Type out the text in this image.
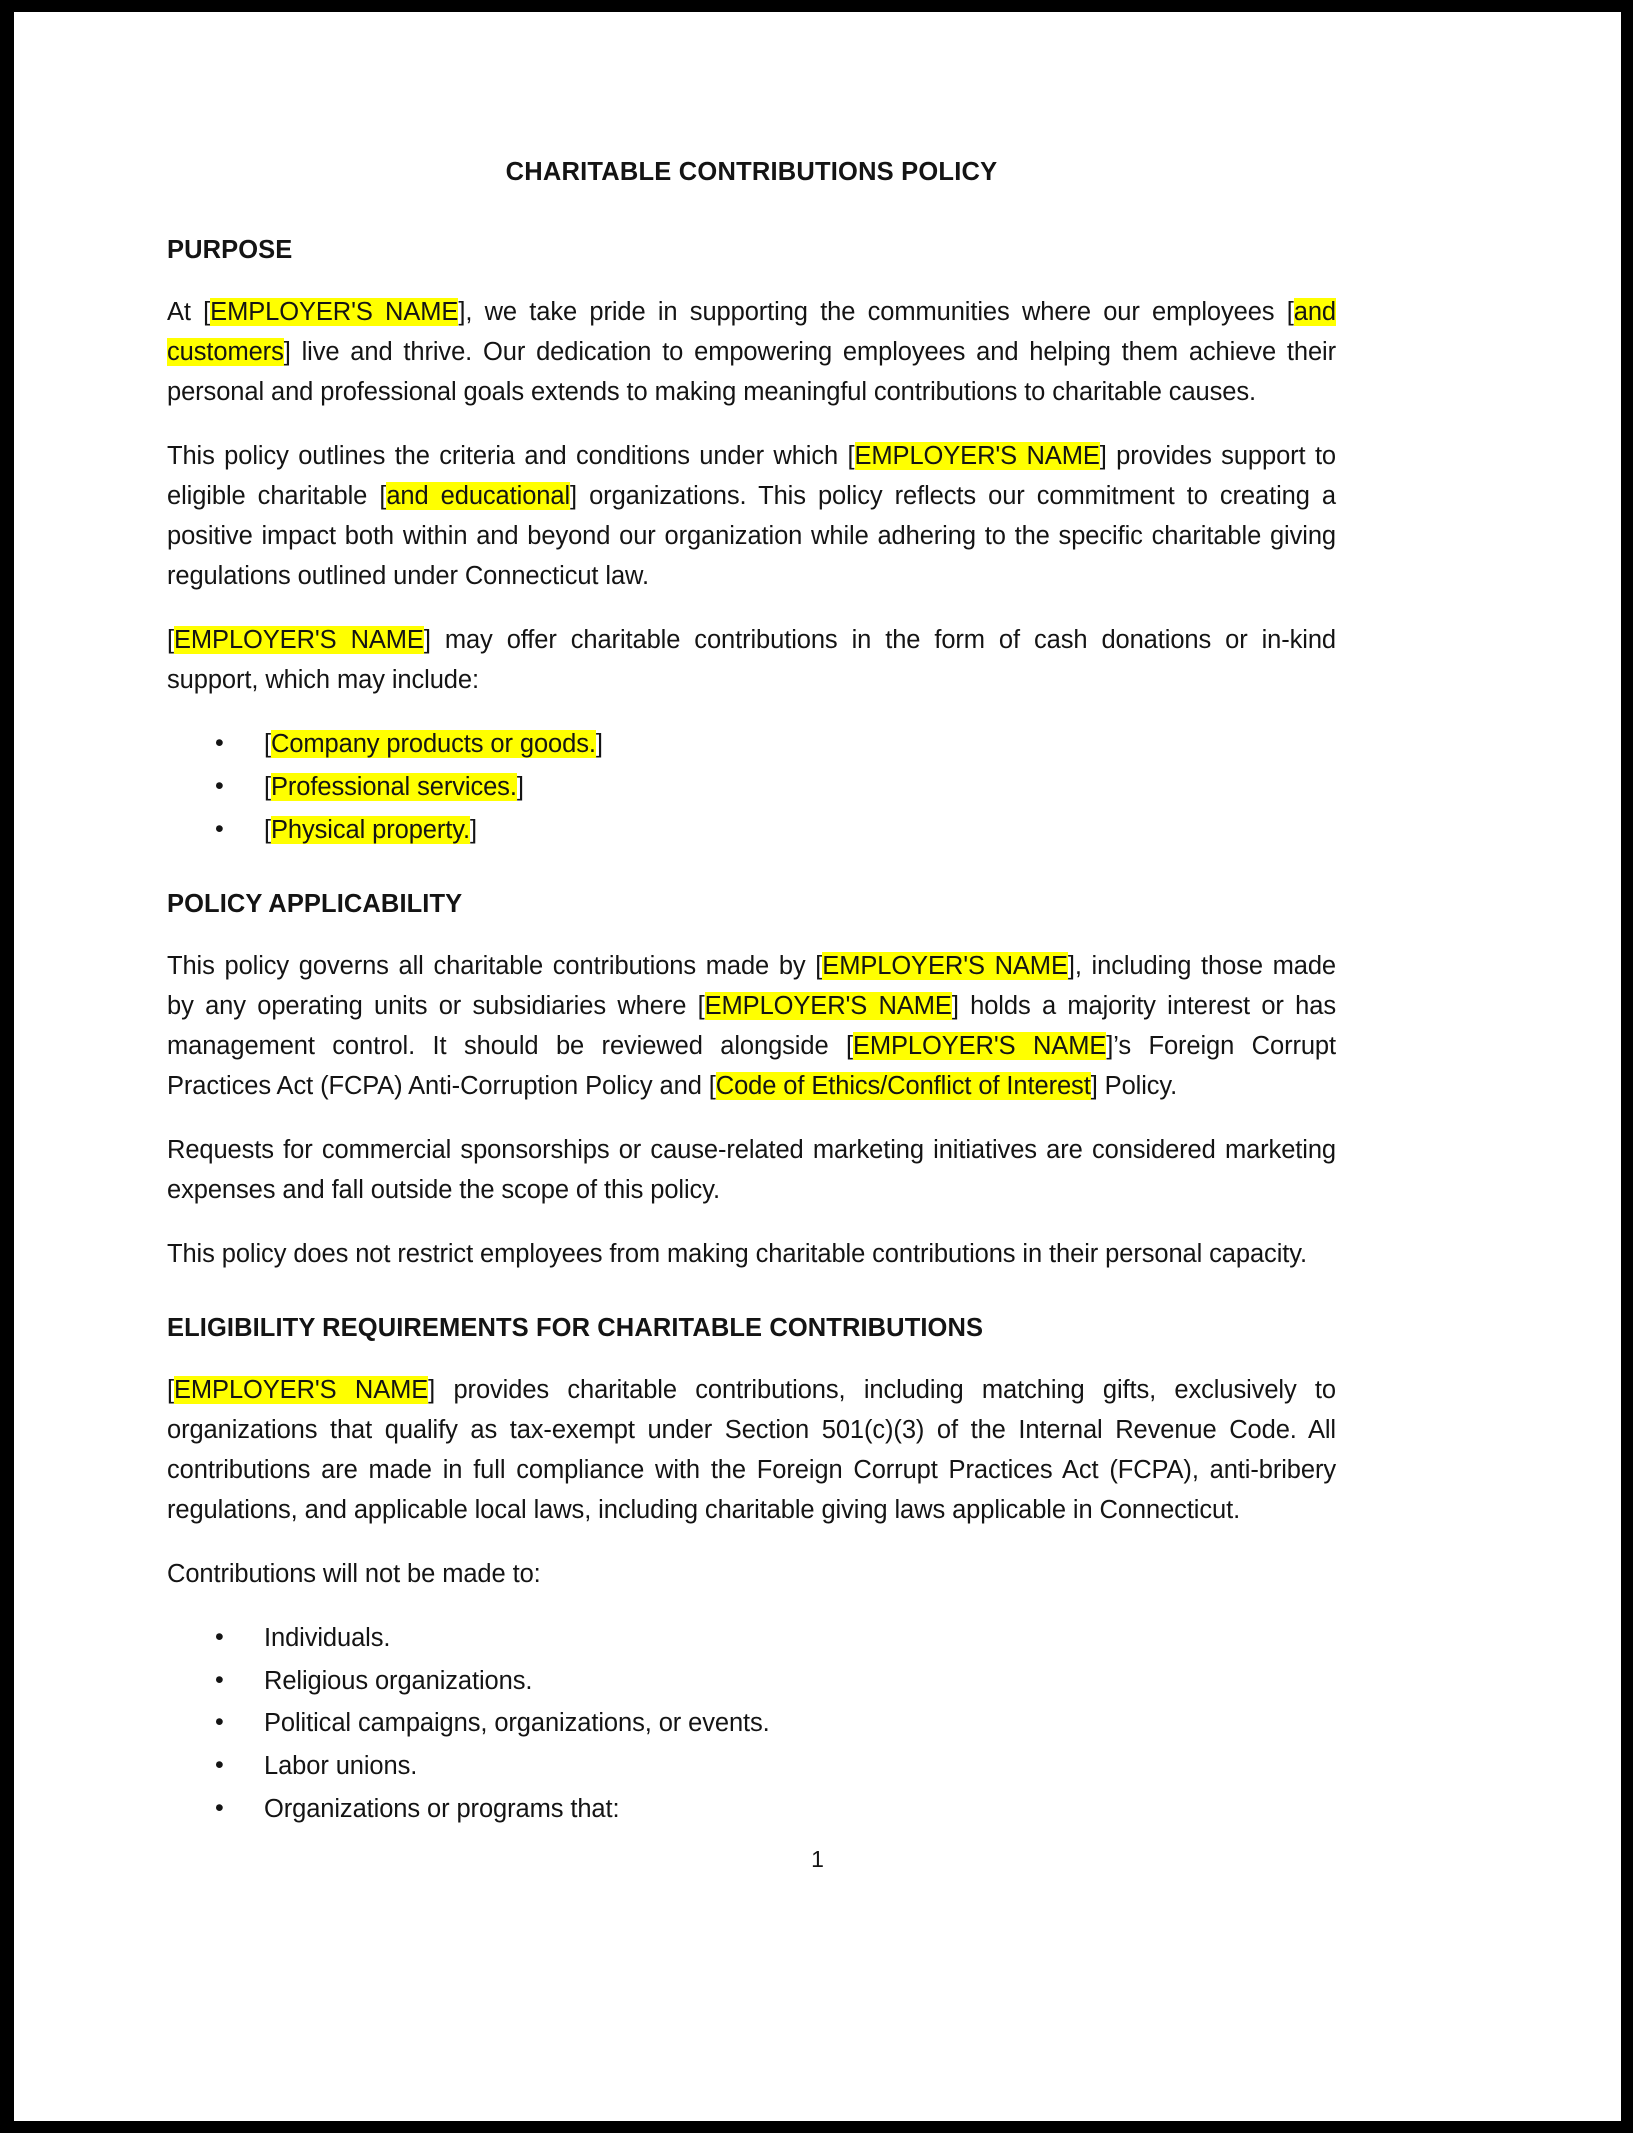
CHARITABLE CONTRIBUTIONS POLICY
PURPOSE

At [EMPLOYER'S NAME], we take pride in supporting the communities where our employees [and customers] live and thrive. Our dedication to empowering employees and helping them achieve their personal and professional goals extends to making meaningful contributions to charitable causes.

This policy outlines the criteria and conditions under which [EMPLOYER'S NAME] provides support to eligible charitable [and educational] organizations. This policy reflects our commitment to creating a positive impact both within and beyond our organization while adhering to the specific charitable giving regulations outlined under Connecticut law.

[EMPLOYER'S NAME] may offer charitable contributions in the form of cash donations or in-kind support, which may include:

• [Company products or goods.]
• [Professional services.]
• [Physical property.]
POLICY APPLICABILITY

This policy governs all charitable contributions made by [EMPLOYER'S NAME], including those made by any operating units or subsidiaries where [EMPLOYER'S NAME] holds a majority interest or has management control. It should be reviewed alongside [EMPLOYER'S NAME]’s Foreign Corrupt Practices Act (FCPA) Anti-Corruption Policy and [Code of Ethics/Conflict of Interest] Policy.

Requests for commercial sponsorships or cause-related marketing initiatives are considered marketing expenses and fall outside the scope of this policy.

This policy does not restrict employees from making charitable contributions in their personal capacity.

ELIGIBILITY REQUIREMENTS FOR CHARITABLE CONTRIBUTIONS

[EMPLOYER'S NAME] provides charitable contributions, including matching gifts, exclusively to organizations that qualify as tax-exempt under Section 501(c)(3) of the Internal Revenue Code. All contributions are made in full compliance with the Foreign Corrupt Practices Act (FCPA), anti-bribery regulations, and applicable local laws, including charitable giving laws applicable in Connecticut.

Contributions will not be made to:

• Individuals.
• Religious organizations.
• Political campaigns, organizations, or events.
• Labor unions.
• Organizations or programs that:
1
